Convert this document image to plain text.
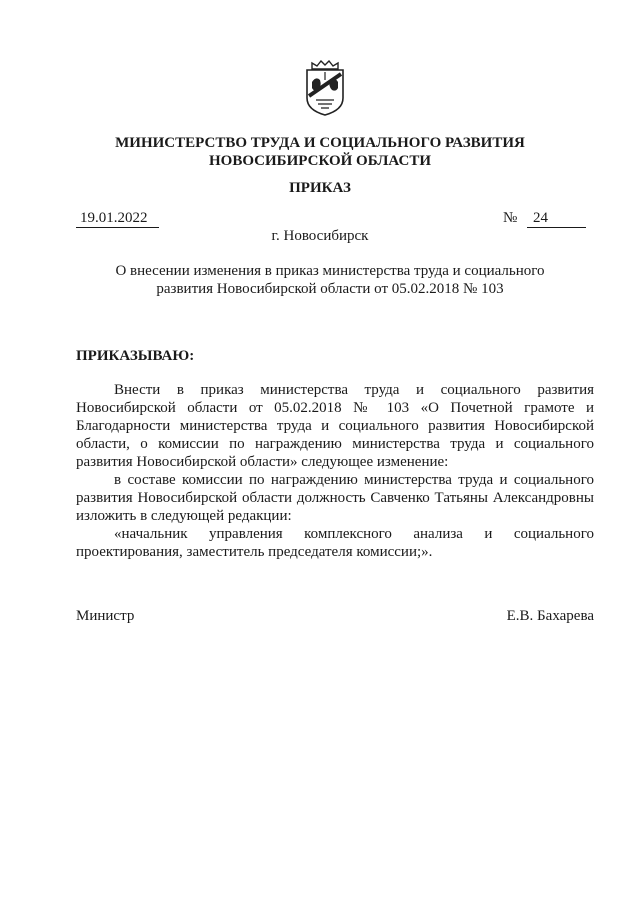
МИНИСТЕРСТВО ТРУДА И СОЦИАЛЬНОГО РАЗВИТИЯ
НОВОСИБИРСКОЙ ОБЛАСТИ
ПРИКАЗ
19.01.2022	№	24
г. Новосибирск
О внесении изменения в приказ министерства труда и социального
развития Новосибирской области от 05.02.2018 № 103
ПРИКАЗЫВАЮ:
Внести в приказ министерства труда и социального развития
Новосибирской области от 05.02.2018 № 103 «О Почетной грамоте и
Благодарности министерства труда и социального развития Новосибирской
области, о комиссии по награждению министерства труда и социального
развития Новосибирской области» следующее изменение:
в составе комиссии по награждению министерства труда и социального
развития Новосибирской области должность Савченко Татьяны Александровны
изложить в следующей редакции:
«начальник управления комплексного анализа и социального
проектирования, заместитель председателя комиссии;».
Министр	Е.В. Бахарева
